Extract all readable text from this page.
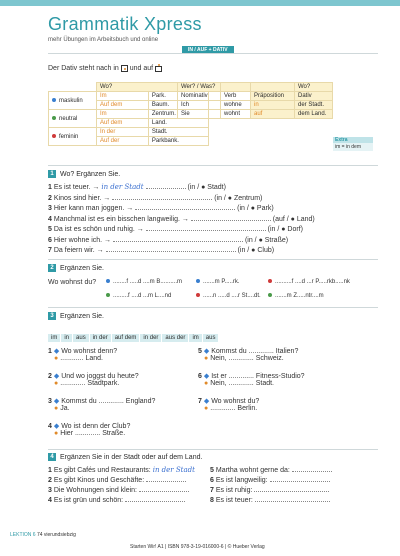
Grammatik Xpress
mehr Übungen im Arbeitsbuch und online
IN / AUF + DATIV
Der Dativ steht nach in und auf
	Wo?	
maskulin	Im	Park.
	Auf dem	Baum.
neutral	Im	Zentrum.
	Auf dem	Land.
feminin	In der	Stadt.
	Auf der	Parkbank.
Wer? / Was?			Wo?
Nominativ	Verb	Präposition	Dativ
Ich	wohne	in	der Stadt.
Sie	wohnt	auf	dem Land.
Extra
im = in dem
1 Wo? Ergänzen Sie.
1 Es ist teuer. → in der Stadt	(in / ● Stadt)
2 Kinos sind hier. →	(in / ● Zentrum)
3 Hier kann man joggen. →	(in / ● Park)
4 Manchmal ist es ein bisschen langweilig. →	(auf / ● Land)
5 Da ist es schön und ruhig. →	(in / ● Dorf)
6 Hier wohne ich. →	(in / ● Straße)
7 Da feiern wir. →	(in / ● Club)
2 Ergänzen Sie.
Wo wohnst du?	........f .....d ....m B..........m	.......m P.....rk.	..........f ....d ...r P.....rkb.....nk
.........f ....d ...m L....nd	......n .....d ....r St....dt.	.......m Z.....ntr....m
3 Ergänzen Sie.
im in aus in der auf dem in der aus der im aus
1 ◆ Wo wohnst denn?
● ............ Land.
2 ◆ Und wo joggst du heute?
● ............. Stadtpark.
3 ◆ Kommst du ............. England?
● Ja.
4 ◆ Wo ist denn der Club?
● Hier ............. Straße.
5 ◆ Kommst du ............. Italien?
● Nein, ............. Schweiz.
6 ◆ Ist er ............. Fitness-Studio?
● Nein, ............. Stadt.
7 ◆ Wo wohnst du?
● ............. Berlin.
4 Ergänzen Sie in der Stadt oder auf dem Land.
1 Es gibt Cafés und Restaurants: in der Stadt
2 Es gibt Kinos und Geschäfte:
3 Die Wohnungen sind klein:
4 Es ist grün und schön:
5 Martha wohnt gerne da:
6 Es ist langweilig:
7 Es ist ruhig:
8 Es ist teuer:
LEKTION 6 74 vierundsiebzig
Starten Wir! A1 | ISBN 978-3-19-016000-6 | © Hueber Verlag
